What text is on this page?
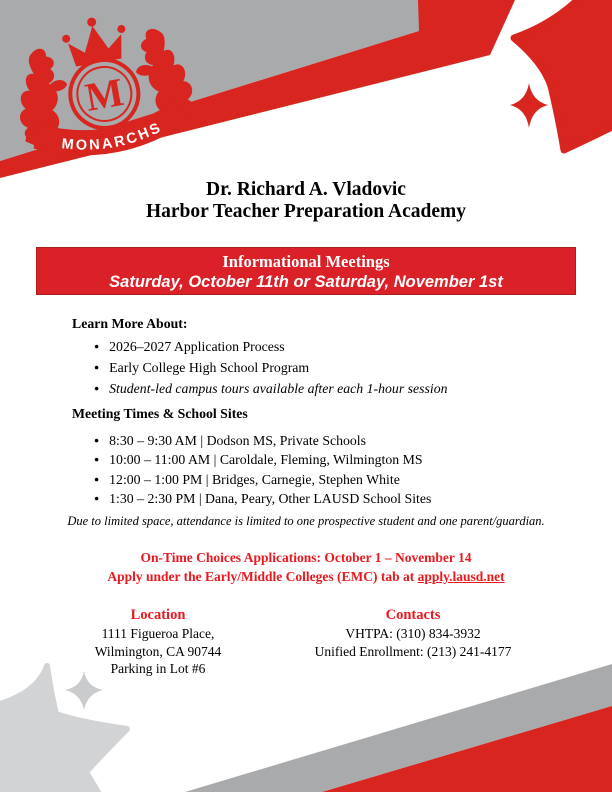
M
MONARCHS
Dr. Richard A. Vladovic
Harbor Teacher Preparation Academy
Informational Meetings
Saturday, October 11th or Saturday, November 1st
Learn More About:
● 2026–2027 Application Process
● Early College High School Program
● Student-led campus tours available after each 1-hour session
Meeting Times & School Sites
● 8:30 – 9:30 AM | Dodson MS, Private Schools
● 10:00 – 11:00 AM | Caroldale, Fleming, Wilmington MS
● 12:00 – 1:00 PM | Bridges, Carnegie, Stephen White
● 1:30 – 2:30 PM | Dana, Peary, Other LAUSD School Sites
Due to limited space, attendance is limited to one prospective student and one parent/guardian.
On-Time Choices Applications: October 1 – November 14
Apply under the Early/Middle Colleges (EMC) tab at apply.lausd.net
Location
1111 Figueroa Place,
Wilmington, CA 90744
Parking in Lot #6
Contacts
VHTPA: (310) 834-3932
Unified Enrollment: (213) 241-4177
